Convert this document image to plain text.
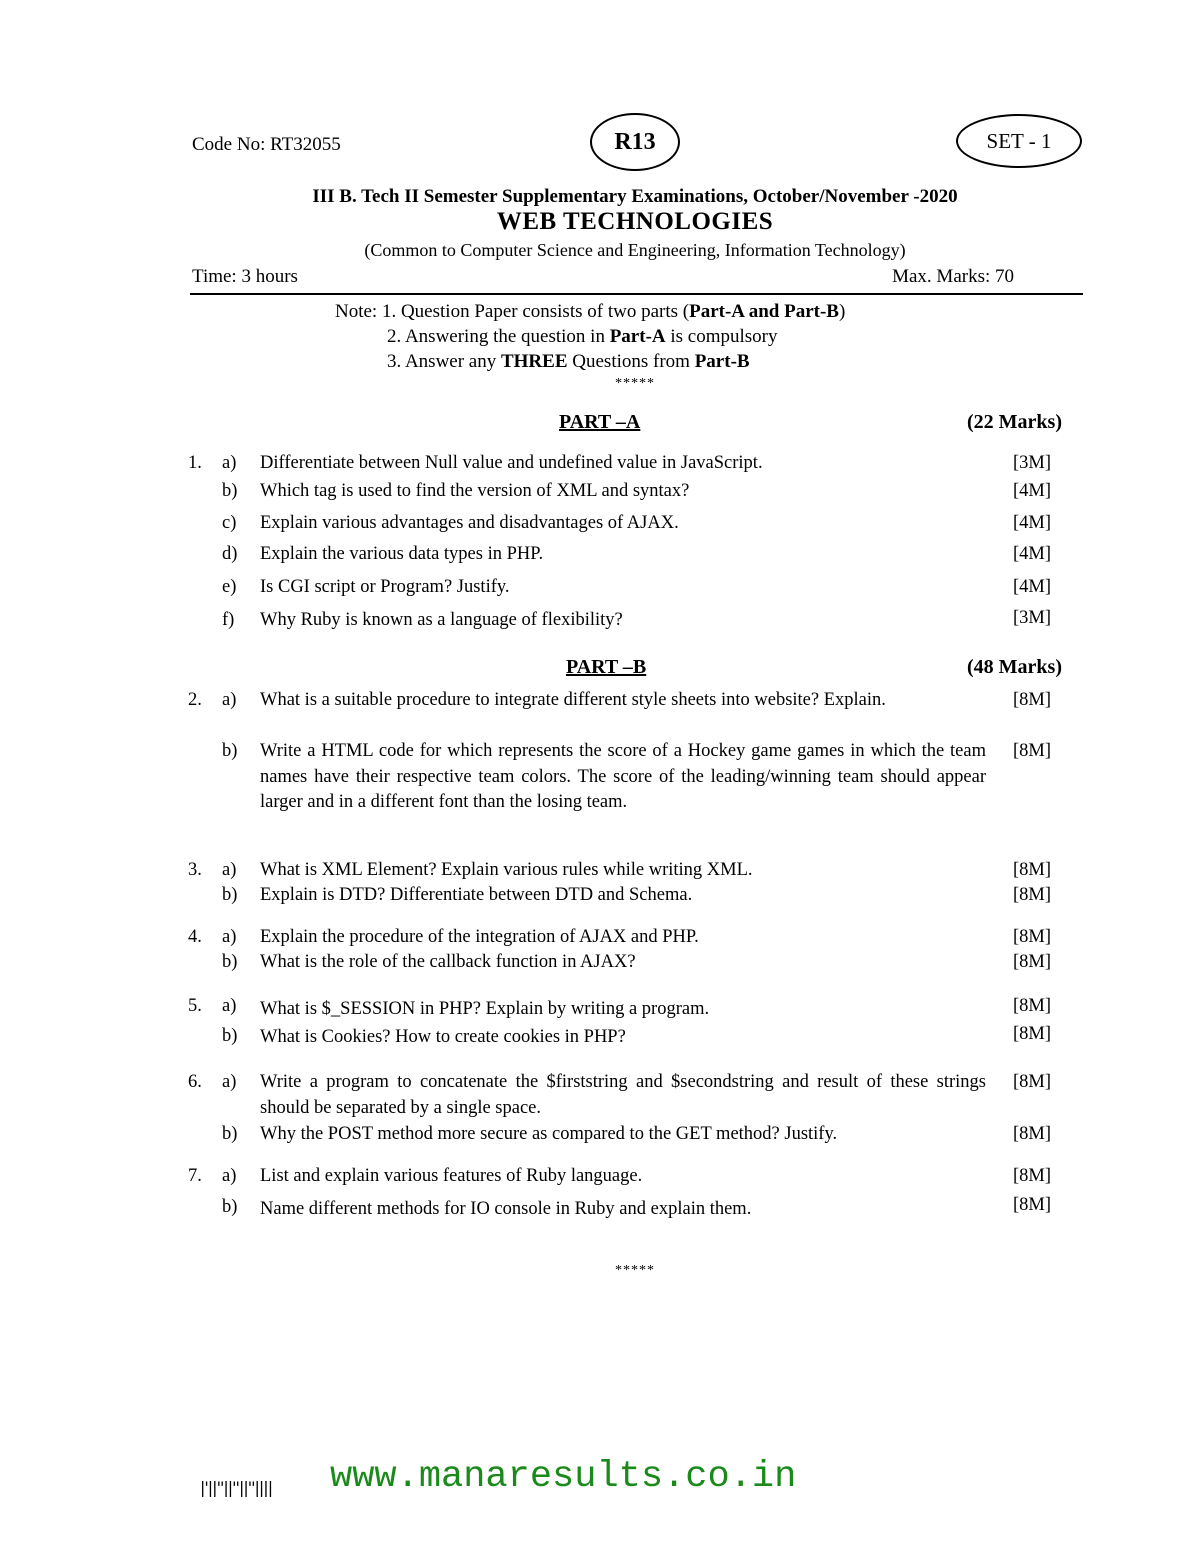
Code No: RT32055	R13	SET - 1
III B. Tech II Semester Supplementary Examinations, October/November -2020
WEB TECHNOLOGIES
(Common to Computer Science and Engineering, Information Technology)
Time: 3 hours	Max. Marks: 70
Note: 1. Question Paper consists of two parts (Part-A and Part-B)
2. Answering the question in Part-A is compulsory
3. Answer any THREE Questions from Part-B
*****
PART –A	(22 Marks)
1. a) Differentiate between Null value and undefined value in JavaScript.	[3M]
b) Which tag is used to find the version of XML and syntax?	[4M]
c) Explain various advantages and disadvantages of AJAX.	[4M]
d) Explain the various data types in PHP.	[4M]
e) Is CGI script or Program? Justify.	[4M]
f) Why Ruby is known as a language of flexibility?	[3M]
PART –B	(48 Marks)
2. a) What is a suitable procedure to integrate different style sheets into website? Explain.	[8M]
b) Write a HTML code for which represents the score of a Hockey game games in which the team names have their respective team colors. The score of the leading/winning team should appear larger and in a different font than the losing team.
[8M]
3. a) What is XML Element? Explain various rules while writing XML.	[8M]
b) Explain is DTD? Differentiate between DTD and Schema.	[8M]
4. a) Explain the procedure of the integration of AJAX and PHP.	[8M]
b) What is the role of the callback function in AJAX?	[8M]
5. a) What is $_SESSION in PHP? Explain by writing a program.	[8M]
b) What is Cookies? How to create cookies in PHP?	[8M]
6. a) Write a program to concatenate the $firststring and $secondstring and result of these strings should be separated by a single space.
[8M]
b) Why the POST method more secure as compared to the GET method? Justify.	[8M]
7. a) List and explain various features of Ruby language.	[8M]
b) Name different methods for IO console in Ruby and explain them.	[8M]
*****
|'||''||''||''|||| www.manaresults.co.in
